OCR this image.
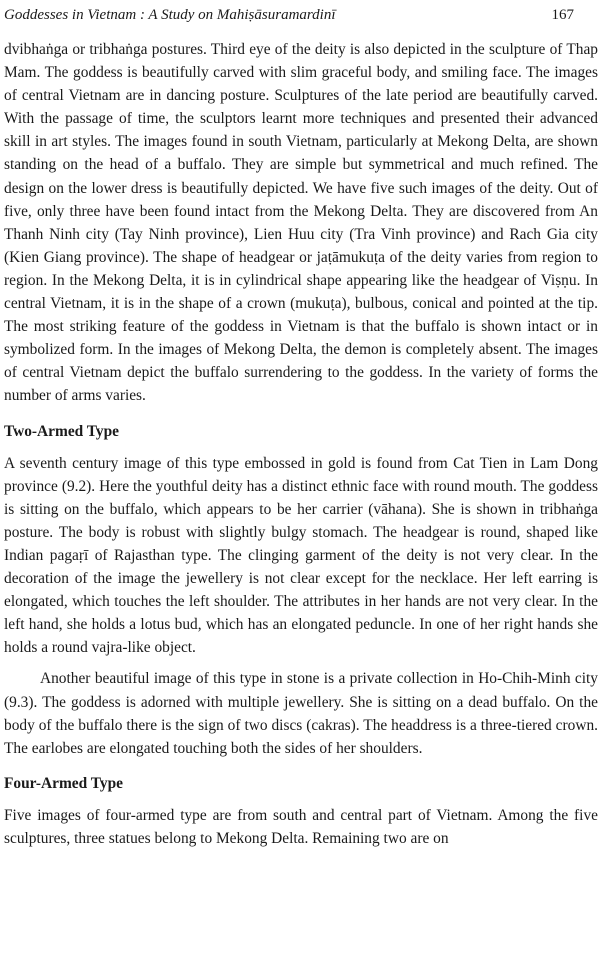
Goddesses in Vietnam : A Study on Mahiṣāsuramardinī	167

dvibhaṅga or tribhaṅga postures. Third eye of the deity is also depicted in the sculpture of Thap Mam. The goddess is beautifully carved with slim graceful body, and smiling face. The images of central Vietnam are in dancing posture. Sculptures of the late period are beautifully carved. With the passage of time, the sculptors learnt more techniques and presented their advanced skill in art styles. The images found in south Vietnam, particularly at Mekong Delta, are shown standing on the head of a buffalo. They are simple but symmetrical and much refined. The design on the lower dress is beautifully depicted. We have five such images of the deity. Out of five, only three have been found intact from the Mekong Delta. They are discovered from An Thanh Ninh city (Tay Ninh province), Lien Huu city (Tra Vinh province) and Rach Gia city (Kien Giang province). The shape of headgear or jaṭāmukuṭa of the deity varies from region to region. In the Mekong Delta, it is in cylindrical shape appearing like the headgear of Viṣṇu. In central Vietnam, it is in the shape of a crown (mukuṭa), bulbous, conical and pointed at the tip. The most striking feature of the goddess in Vietnam is that the buffalo is shown intact or in symbolized form. In the images of Mekong Delta, the demon is completely absent. The images of central Vietnam depict the buffalo surrendering to the goddess. In the variety of forms the number of arms varies.

Two-Armed Type

A seventh century image of this type embossed in gold is found from Cat Tien in Lam Dong province (9.2). Here the youthful deity has a distinct ethnic face with round mouth. The goddess is sitting on the buffalo, which appears to be her carrier (vāhana). She is shown in tribhaṅga posture. The body is robust with slightly bulgy stomach. The headgear is round, shaped like Indian pagaṛī of Rajasthan type. The clinging garment of the deity is not very clear. In the decoration of the image the jewellery is not clear except for the necklace. Her left earring is elongated, which touches the left shoulder. The attributes in her hands are not very clear. In the left hand, she holds a lotus bud, which has an elongated peduncle. In one of her right hands she holds a round vajra-like object.

Another beautiful image of this type in stone is a private collection in Ho-Chih-Minh city (9.3). The goddess is adorned with multiple jewellery. She is sitting on a dead buffalo. On the body of the buffalo there is the sign of two discs (cakras). The headdress is a three-tiered crown. The earlobes are elongated touching both the sides of her shoulders.

Four-Armed Type

Five images of four-armed type are from south and central part of Vietnam. Among the five sculptures, three statues belong to Mekong Delta. Remaining two are on
